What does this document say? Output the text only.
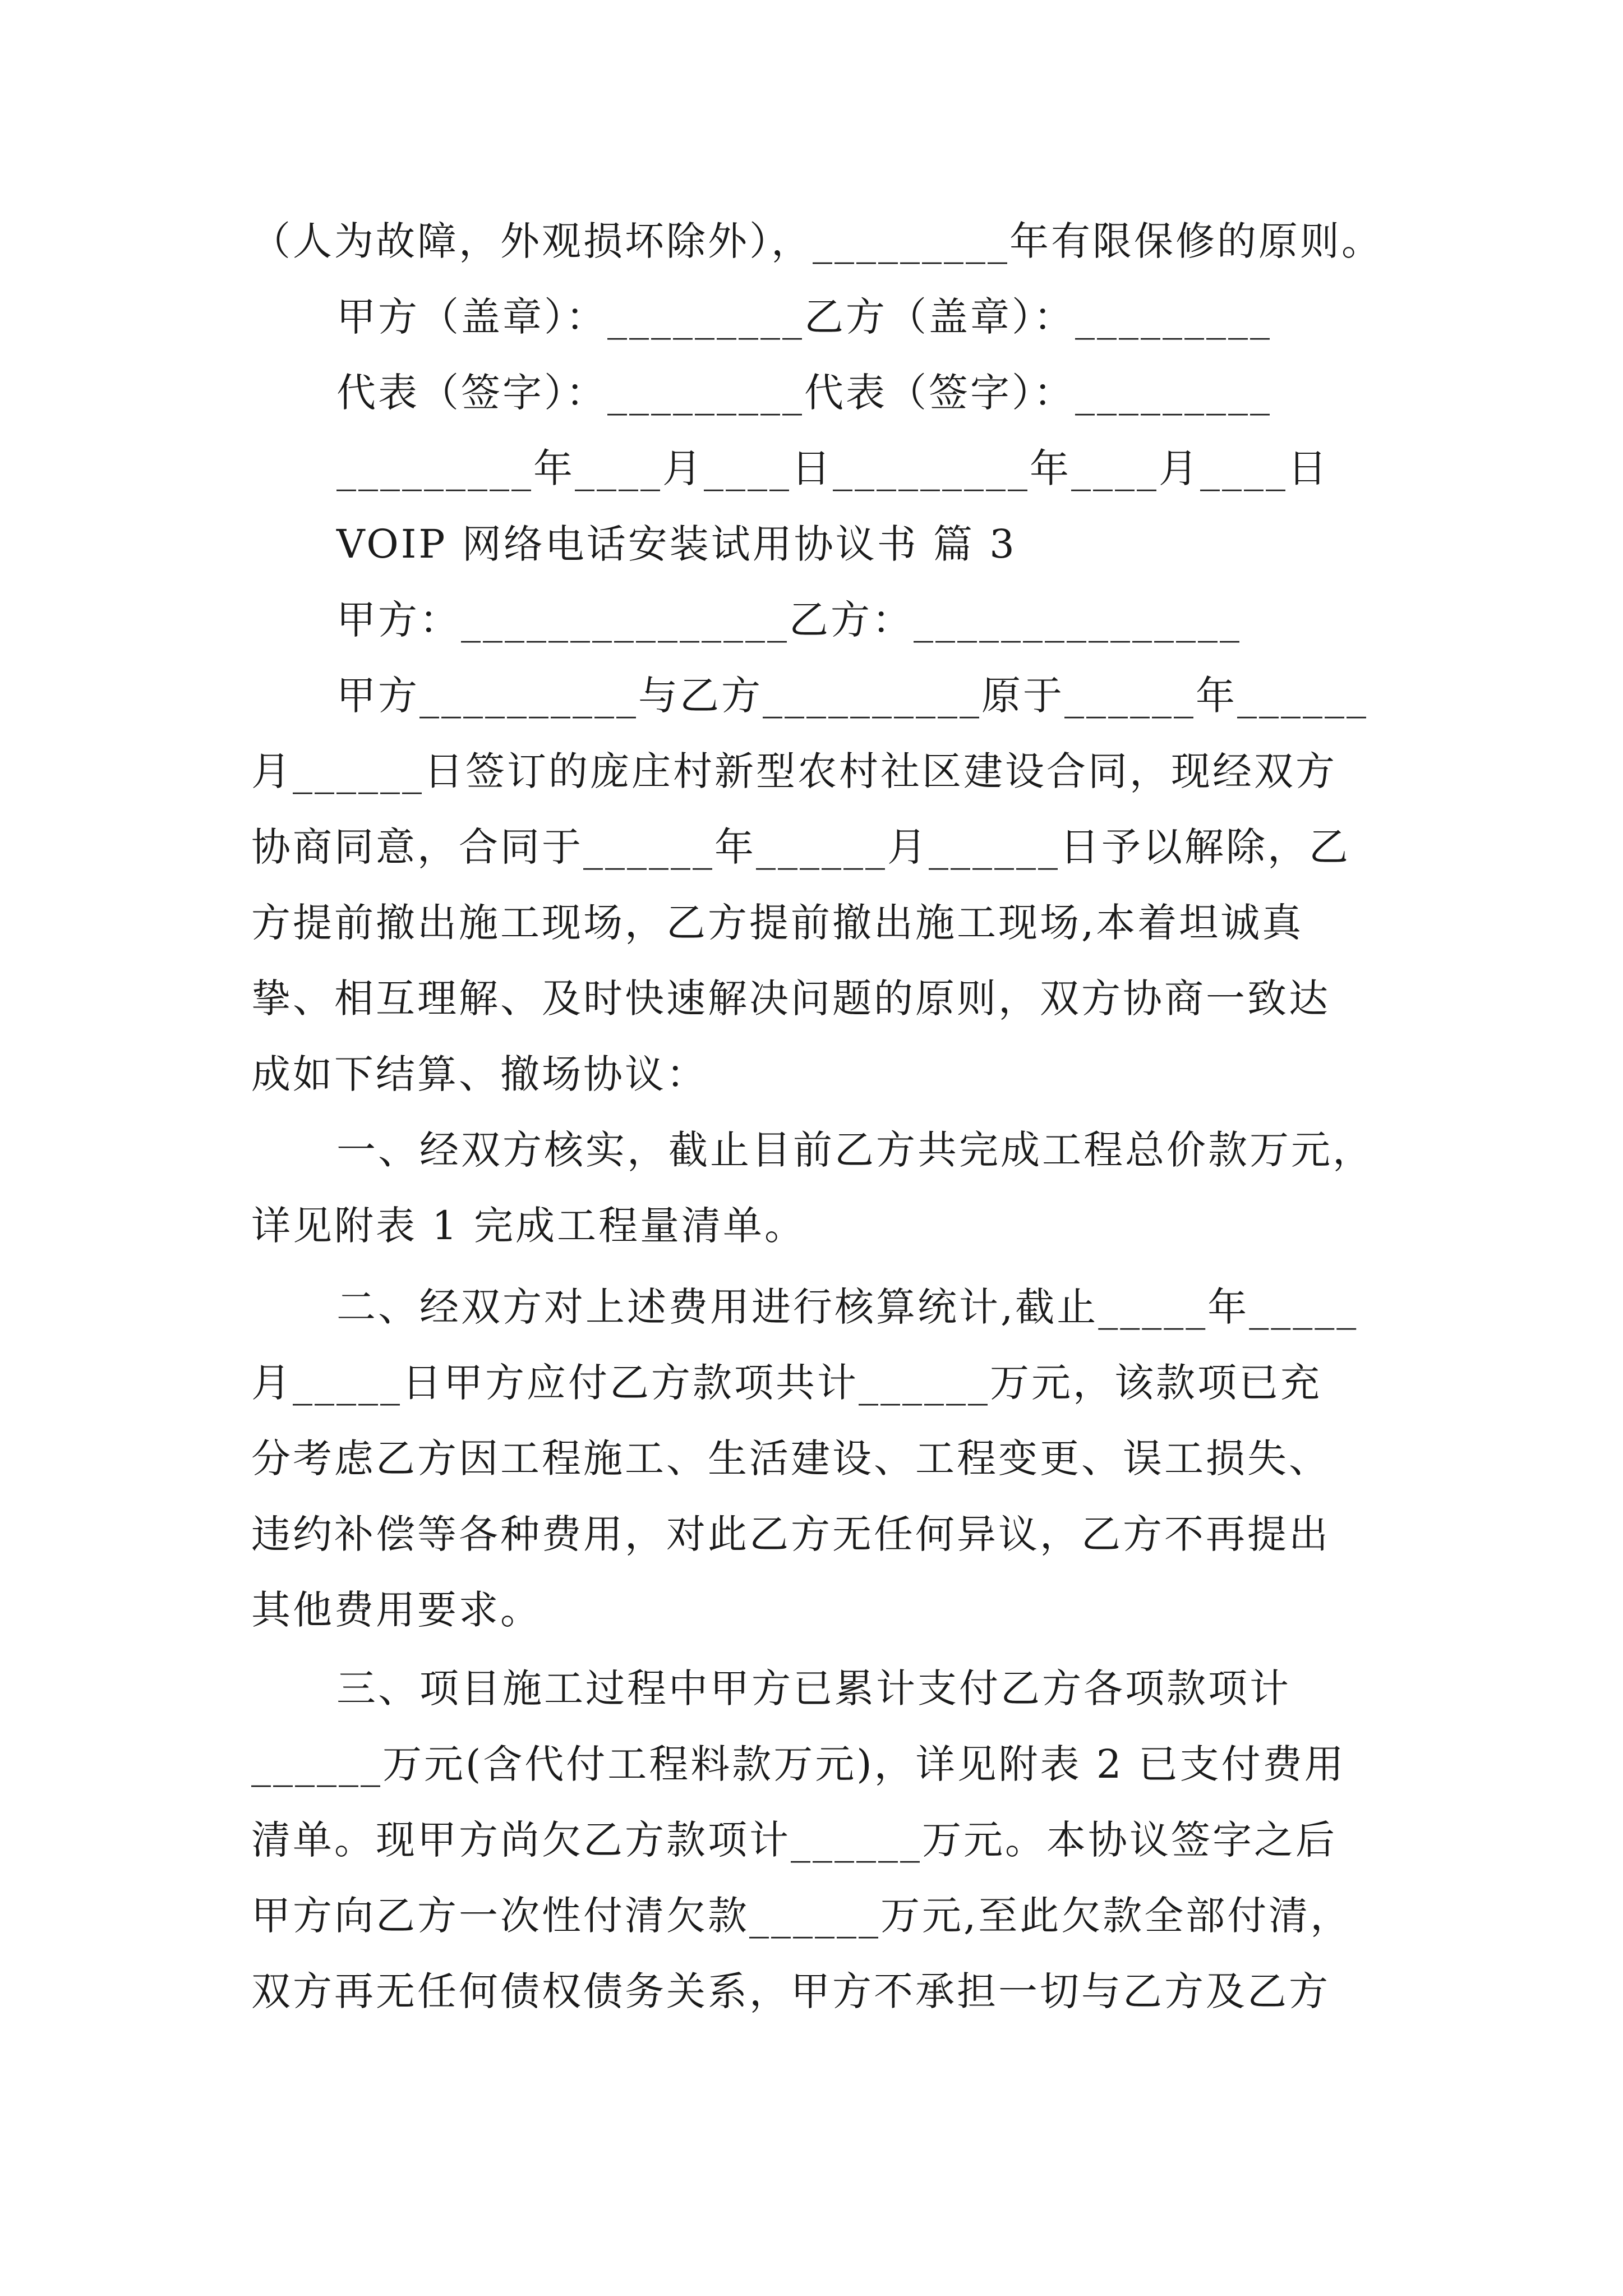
（人为故障，外观损坏除外），_________年有限保修的原则。
甲方（盖章）：_________乙方（盖章）：_________
代表（签字）：_________代表（签字）：_________
_________年____月____日_________年____月____日
VOIP 网络电话安装试用协议书 篇 3
甲方：_______________乙方：_______________
甲方__________与乙方__________原于______年______
月______日签订的庞庄村新型农村社区建设合同，现经双方
协商同意，合同于______年______月______日予以解除，乙
方提前撤出施工现场，乙方提前撤出施工现场,本着坦诚真
挚、相互理解、及时快速解决问题的原则，双方协商一致达
成如下结算、撤场协议：
一、经双方核实，截止目前乙方共完成工程总价款万元，
详见附表 1 完成工程量清单。
二、经双方对上述费用进行核算统计,截止_____年_____
月_____日甲方应付乙方款项共计______万元，该款项已充
分考虑乙方因工程施工、生活建设、工程变更、误工损失、
违约补偿等各种费用，对此乙方无任何异议，乙方不再提出
其他费用要求。
三、项目施工过程中甲方已累计支付乙方各项款项计
______万元(含代付工程料款万元)，详见附表 2 已支付费用
清单。现甲方尚欠乙方款项计______万元。本协议签字之后
甲方向乙方一次性付清欠款______万元,至此欠款全部付清，
双方再无任何债权债务关系，甲方不承担一切与乙方及乙方
